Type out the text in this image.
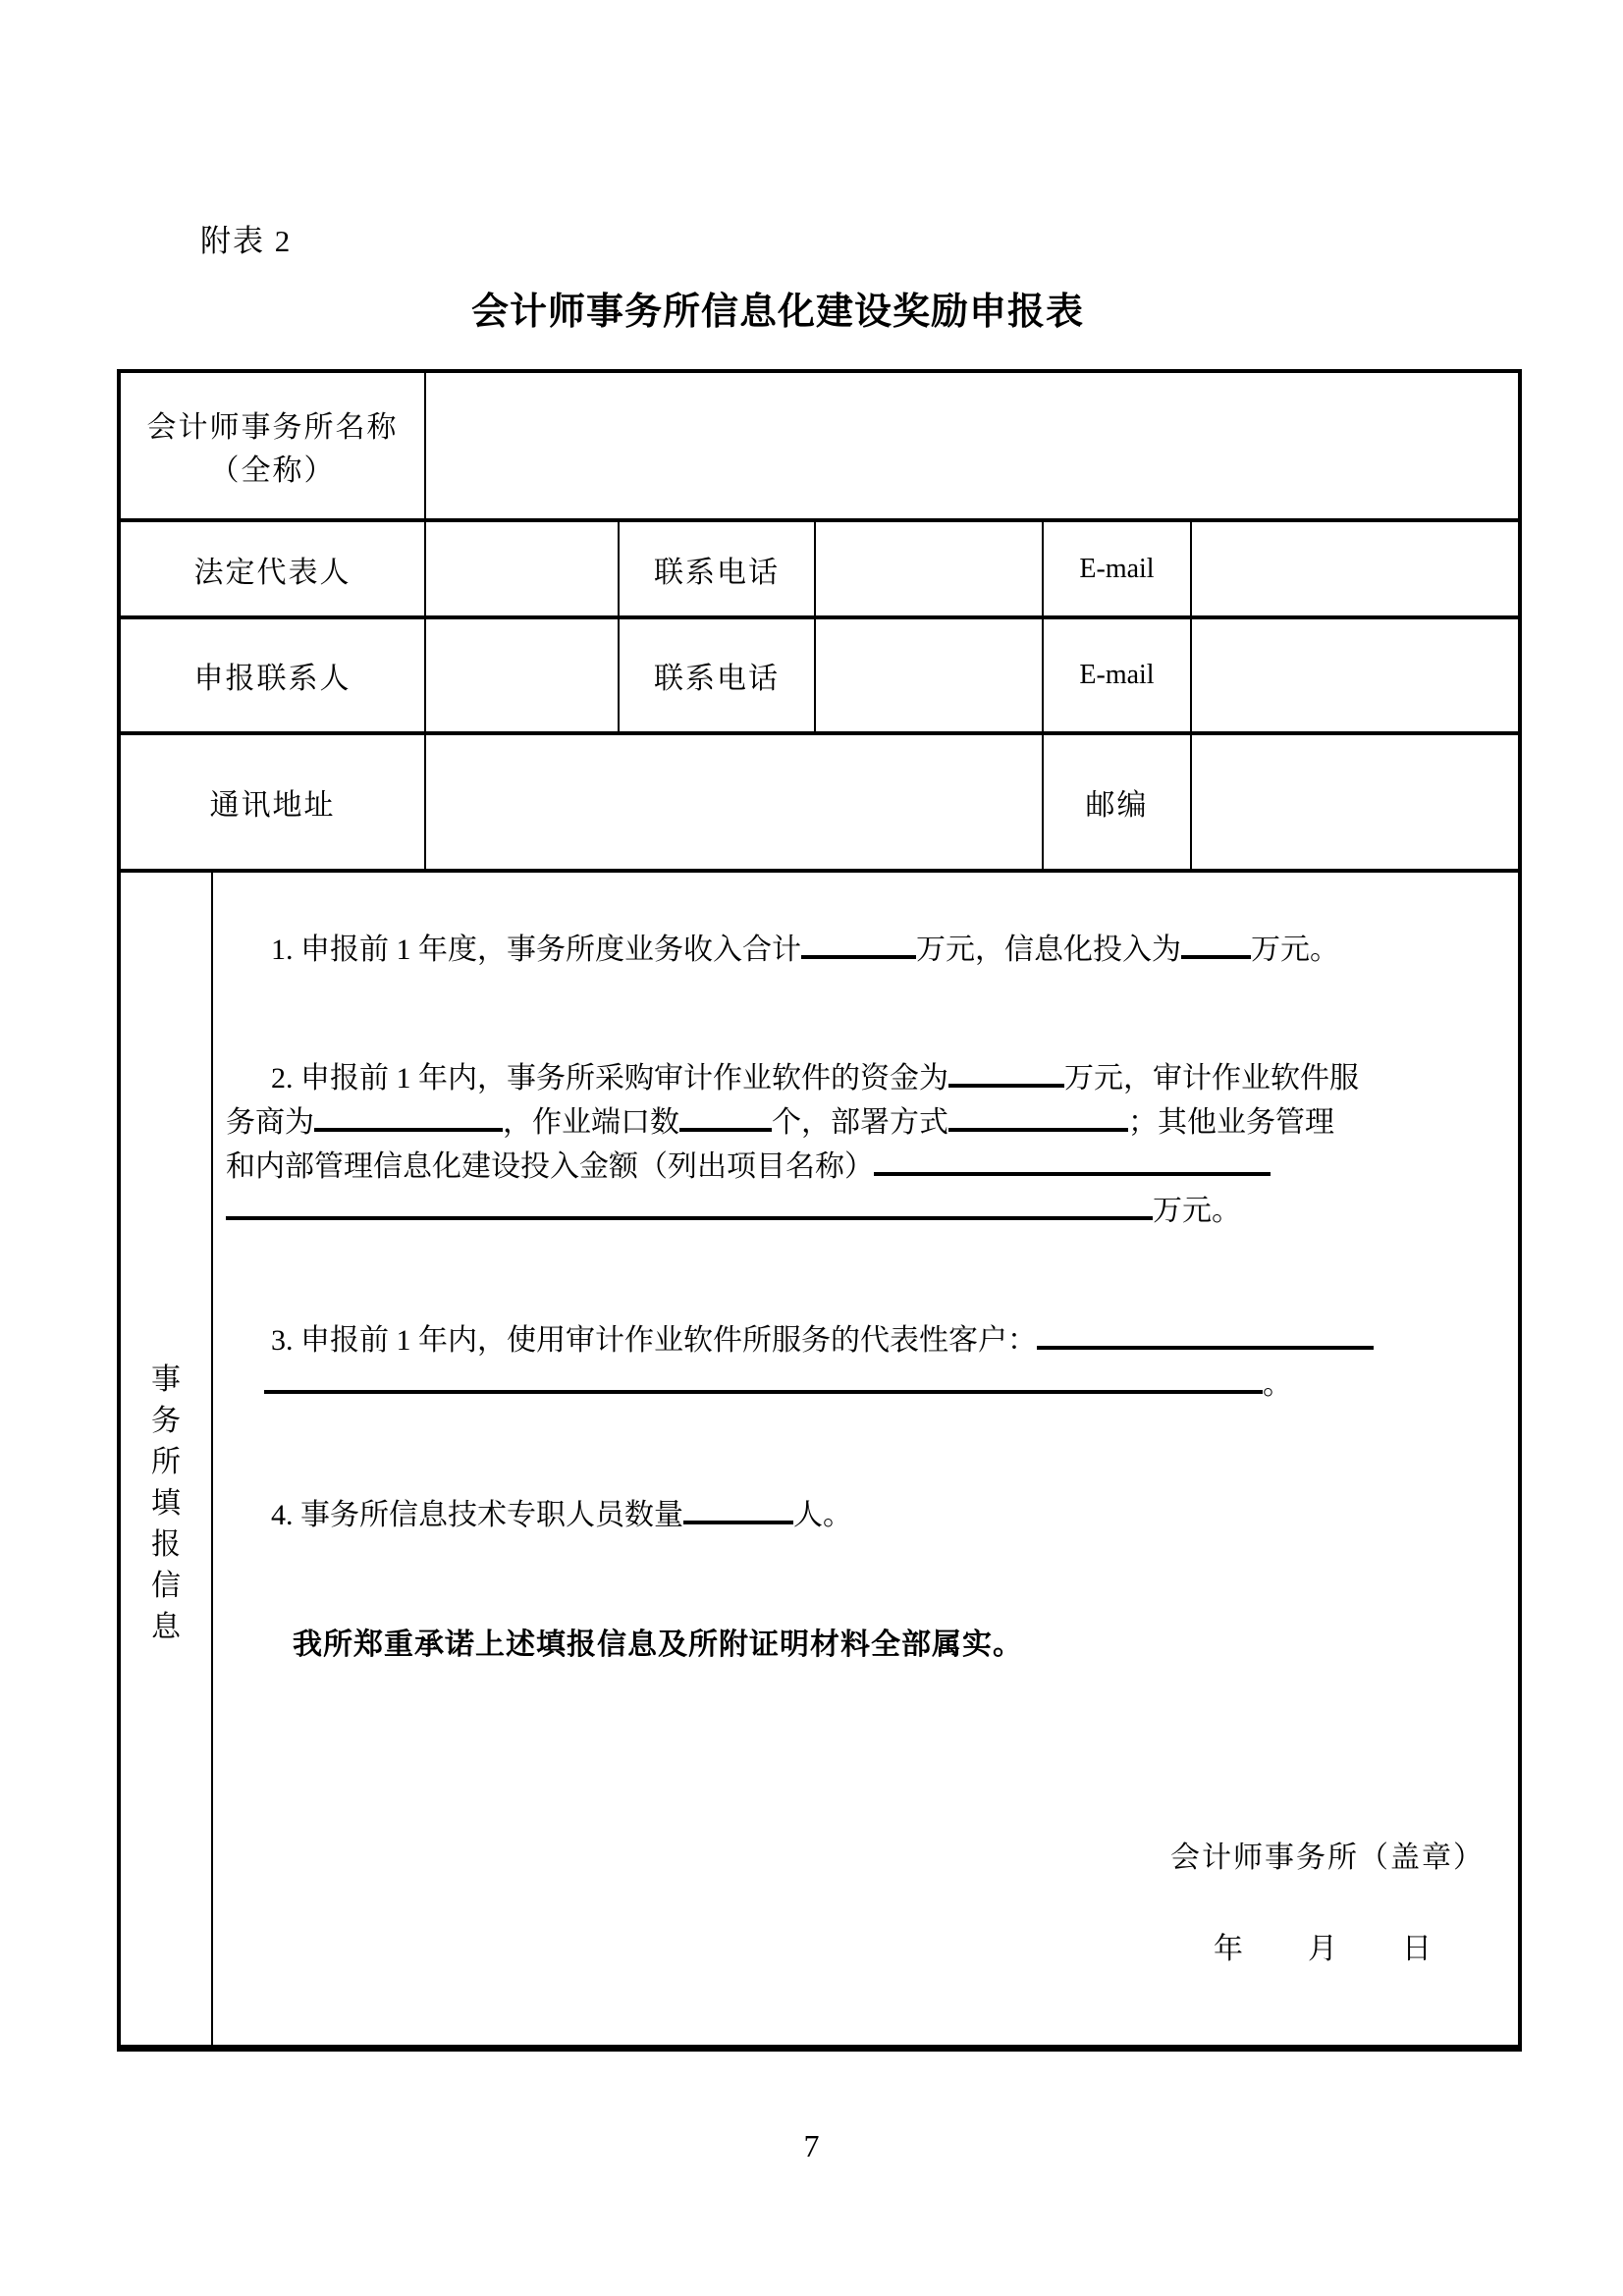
附表 2
会计师事务所信息化建设奖励申报表
会计师事务所名称
（全称）
法定代表人	联系电话	E-mail
申报联系人	联系电话	E-mail
通讯地址	邮编
事务所填报信息
1. 申报前 1 年度，事务所度业务收入合计	万元，信息化投入为 万元。
2. 申报前 1 年内，事务所采购审计作业软件的资金为	万元，审计作业软件服
务商为	，作业端口数	个，部署方式	；其他业务管理
和内部管理信息化建设投入金额（列出项目名称）
万元。
3. 申报前 1 年内，使用审计作业软件所服务的代表性客户：
。
4. 事务所信息技术专职人员数量	人。
我所郑重承诺上述填报信息及所附证明材料全部属实。
会计师事务所（盖章）
年　　月　　日
7
